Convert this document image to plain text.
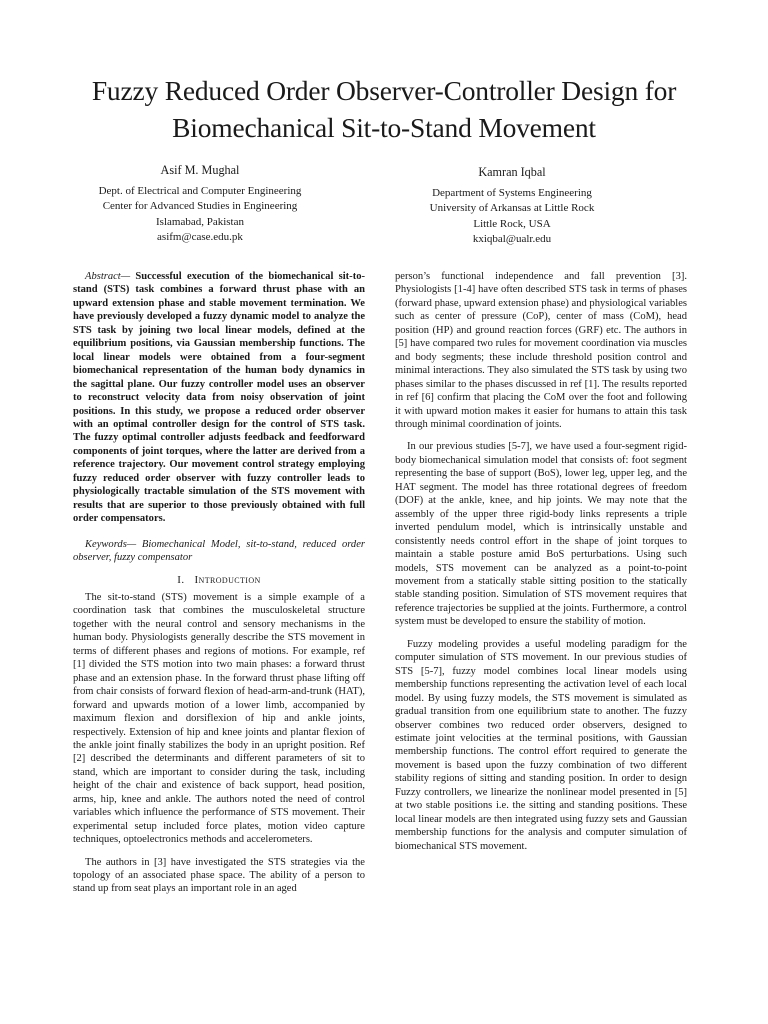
Fuzzy Reduced Order Observer-Controller Design for
Biomechanical Sit-to-Stand Movement
Asif M. Mughal
Dept. of Electrical and Computer Engineering
Center for Advanced Studies in Engineering
Islamabad, Pakistan
asifm@case.edu.pk
Kamran Iqbal
Department of Systems Engineering
University of Arkansas at Little Rock
Little Rock, USA
kxiqbal@ualr.edu

Abstract— Successful execution of the biomechanical sit-to-stand (STS) task combines a forward thrust phase with an upward extension phase and stable movement termination. We have previously developed a fuzzy dynamic model to analyze the STS task by joining two local linear models, defined at the equilibrium positions, via Gaussian membership functions. The local linear models were obtained from a four-segment biomechanical representation of the human body dynamics in the sagittal plane. Our fuzzy controller model uses an observer to reconstruct velocity data from noisy observation of joint positions. In this study, we propose a reduced order observer with an optimal controller design for the control of STS task. The fuzzy optimal controller adjusts feedback and feedforward components of joint torques, where the latter are derived from a reference trajectory. Our movement control strategy employing fuzzy reduced order observer with fuzzy controller leads to physiologically tractable simulation of the STS movement with results that are superior to those previously obtained with full order compensators.

Keywords— Biomechanical Model, sit-to-stand, reduced order observer, fuzzy compensator

I. Introduction

The sit-to-stand (STS) movement is a simple example of a coordination task that combines the musculoskeletal structure together with the neural control and sensory mechanisms in the human body. Physiologists generally describe the STS movement in terms of different phases and regions of motions. For example, ref [1] divided the STS motion into two main phases: a forward thrust phase and an extension phase. In the forward thrust phase lifting off from chair consists of forward flexion of head-arm-and-trunk (HAT), forward and upwards motion of a lower limb, accompanied by maximum flexion and dorsiflexion of hip and ankle joints, respectively. Extension of hip and knee joints and plantar flexion of the ankle joint finally stabilizes the body in an upright position. Ref [2] described the determinants and different parameters of sit to stand, which are important to consider during the task, including height of the chair and existence of back support, head position, arms, hip, knee and ankle. The authors noted the need of control variables which influence the performance of STS movement. Their experimental setup included force plates, motion video capture techniques, optoelectronics methods and accelerometers.

The authors in [3] have investigated the STS strategies via the topology of an associated phase space. The ability of a person to stand up from seat plays an important role in an aged

person’s functional independence and fall prevention [3]. Physiologists [1-4] have often described STS task in terms of phases (forward phase, upward extension phase) and physiological variables such as center of pressure (CoP), center of mass (CoM), head position (HP) and ground reaction forces (GRF) etc. The authors in [5] have compared two rules for movement coordination via muscles and body segments; these include threshold position control and minimal interactions. They also simulated the STS task by using two phases similar to the phases discussed in ref [1]. The results reported in ref [6] confirm that placing the CoM over the foot and following it with upward motion makes it easier for humans to attain this task through minimal coordination of joints.

In our previous studies [5-7], we have used a four-segment rigid-body biomechanical simulation model that consists of: foot segment representing the base of support (BoS), lower leg, upper leg, and the HAT segment. The model has three rotational degrees of freedom (DOF) at the ankle, knee, and hip joints. We may note that the assembly of the upper three rigid-body links represents a triple inverted pendulum model, which is intrinsically unstable and consistently needs control effort in the shape of joint torques to maintain a stable posture amid BoS perturbations. Using such models, STS movement can be analyzed as a point-to-point movement from a statically stable sitting position to the statically stable standing position. Simulation of STS movement requires that reference trajectories be supplied at the joints. Furthermore, a control system must be developed to ensure the stability of motion.

Fuzzy modeling provides a useful modeling paradigm for the computer simulation of STS movement. In our previous studies of STS [5-7], fuzzy model combines local linear models using membership functions representing the activation level of each local model. By using fuzzy models, the STS movement is simulated as gradual transition from one equilibrium state to another. The fuzzy observer combines two reduced order observers, designed to estimate joint velocities at the terminal positions, with Gaussian membership functions. The control effort required to generate the movement is based upon the fuzzy combination of two different stability regions of sitting and standing position. In order to design Fuzzy controllers, we linearize the nonlinear model presented in [5] at two stable positions i.e. the sitting and standing positions. These local linear models are then integrated using fuzzy sets and Gaussian membership functions for the analysis and computer simulation of biomechanical STS movement.
